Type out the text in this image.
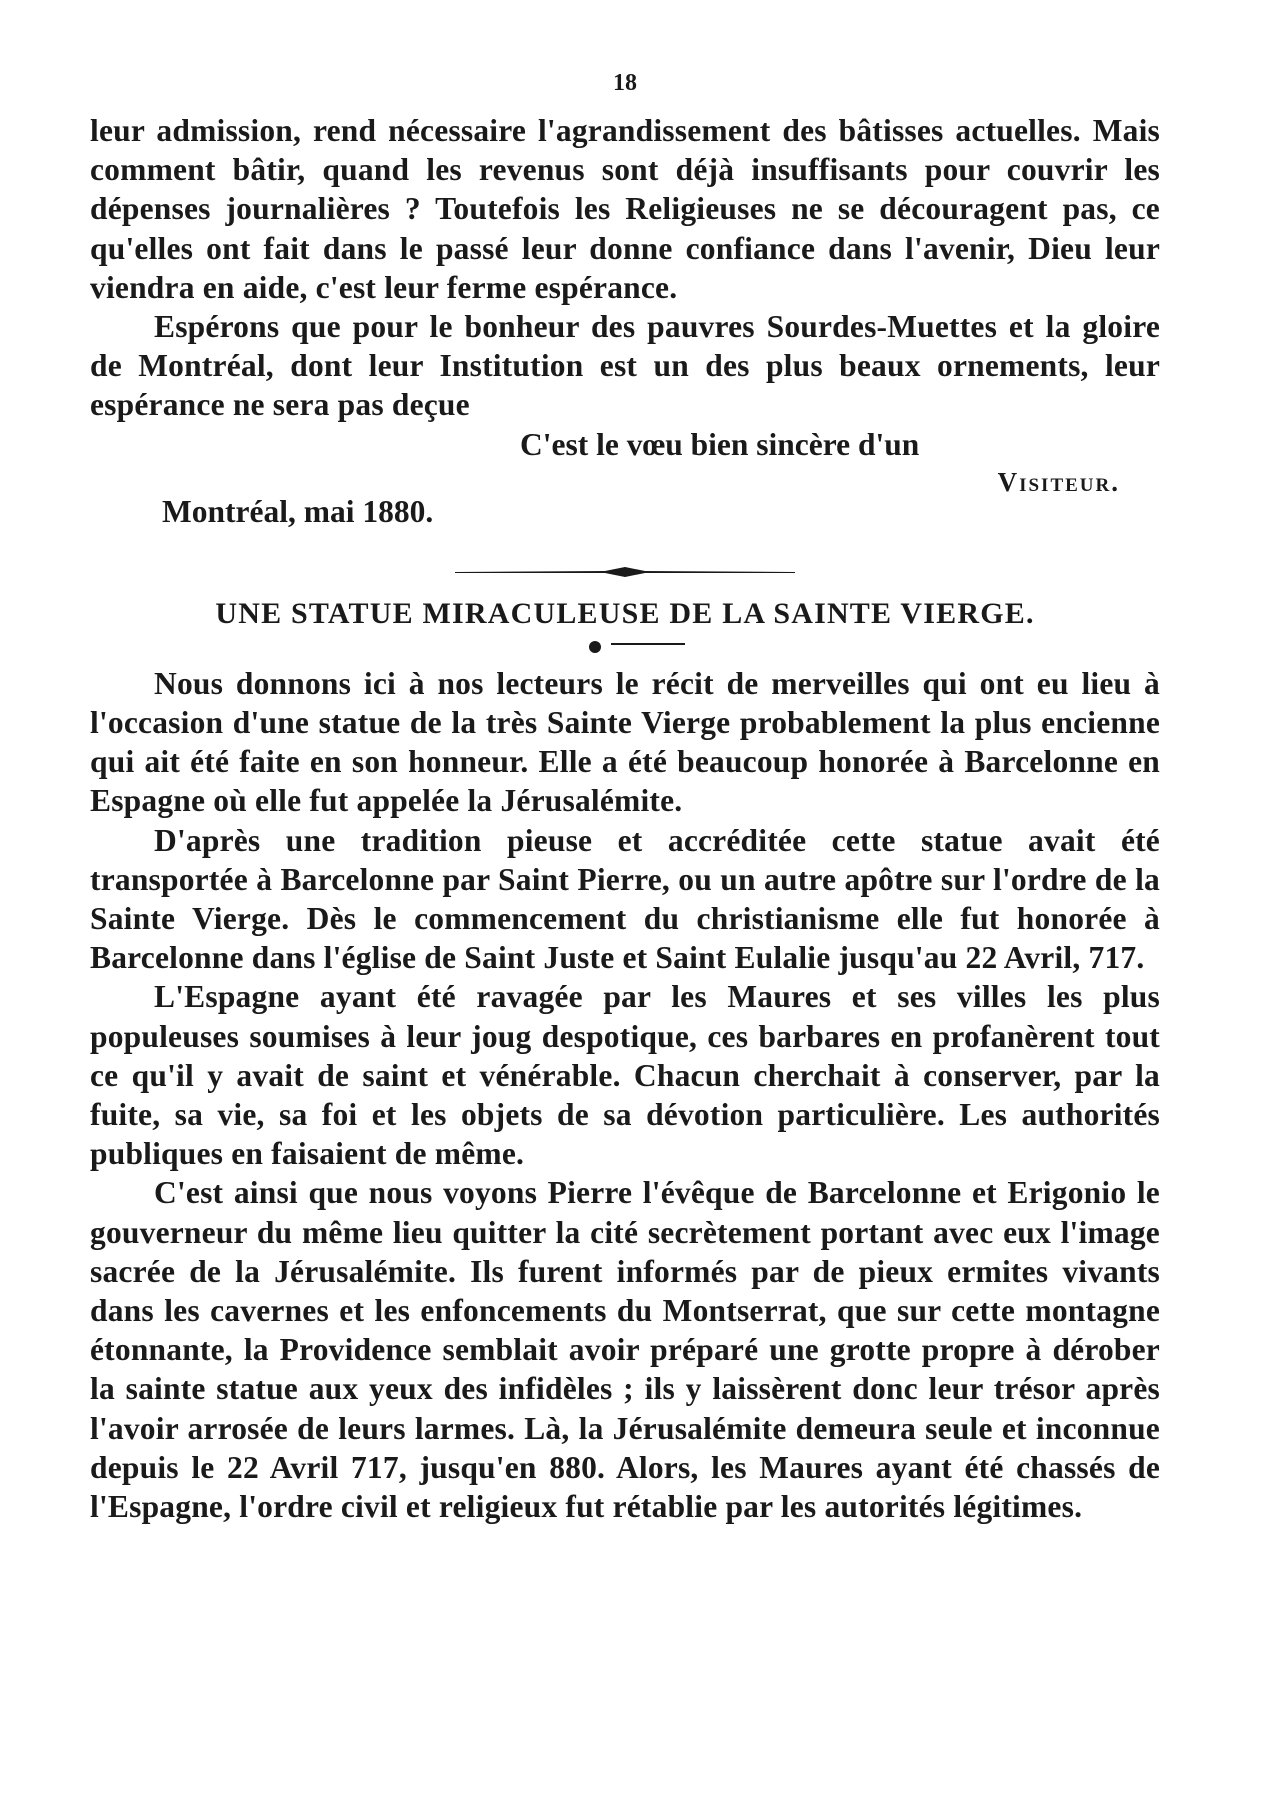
18

leur admission, rend nécessaire l'agrandissement des bâtisses actuelles. Mais comment bâtir, quand les revenus sont déjà insuffisants pour couvrir les dépenses journalières ? Toutefois les Religieuses ne se découragent pas, ce qu'elles ont fait dans le passé leur donne confiance dans l'avenir, Dieu leur viendra en aide, c'est leur ferme espérance.

Espérons que pour le bonheur des pauvres Sourdes-Muettes et la gloire de Montréal, dont leur Institution est un des plus beaux ornements, leur espérance ne sera pas deçue

C'est le vœu bien sincère d'un
Visiteur.
Montréal, mai 1880.
UNE STATUE MIRACULEUSE DE LA SAINTE VIERGE.

Nous donnons ici à nos lecteurs le récit de merveilles qui ont eu lieu à l'occasion d'une statue de la très Sainte Vierge probablement la plus encienne qui ait été faite en son honneur. Elle a été beaucoup honorée à Barcelonne en Espagne où elle fut appelée la Jérusalémite.

D'après une tradition pieuse et accréditée cette statue avait été transportée à Barcelonne par Saint Pierre, ou un autre apôtre sur l'ordre de la Sainte Vierge. Dès le commencement du christianisme elle fut honorée à Barcelonne dans l'église de Saint Juste et Saint Eulalie jusqu'au 22 Avril, 717.

L'Espagne ayant été ravagée par les Maures et ses villes les plus populeuses soumises à leur joug despotique, ces barbares en profanèrent tout ce qu'il y avait de saint et vénérable. Chacun cherchait à conserver, par la fuite, sa vie, sa foi et les objets de sa dévotion particulière. Les authorités publiques en faisaient de même.

C'est ainsi que nous voyons Pierre l'évêque de Barcelonne et Erigonio le gouverneur du même lieu quitter la cité secrètement portant avec eux l'image sacrée de la Jérusalémite. Ils furent informés par de pieux ermites vivants dans les cavernes et les enfoncements du Montserrat, que sur cette montagne étonnante, la Providence semblait avoir préparé une grotte propre à dérober la sainte statue aux yeux des infidèles ; ils y laissèrent donc leur trésor après l'avoir arrosée de leurs larmes. Là, la Jérusalémite demeura seule et inconnue depuis le 22 Avril 717, jusqu'en 880. Alors, les Maures ayant été chassés de l'Espagne, l'ordre civil et religieux fut rétablie par les autorités légitimes.
